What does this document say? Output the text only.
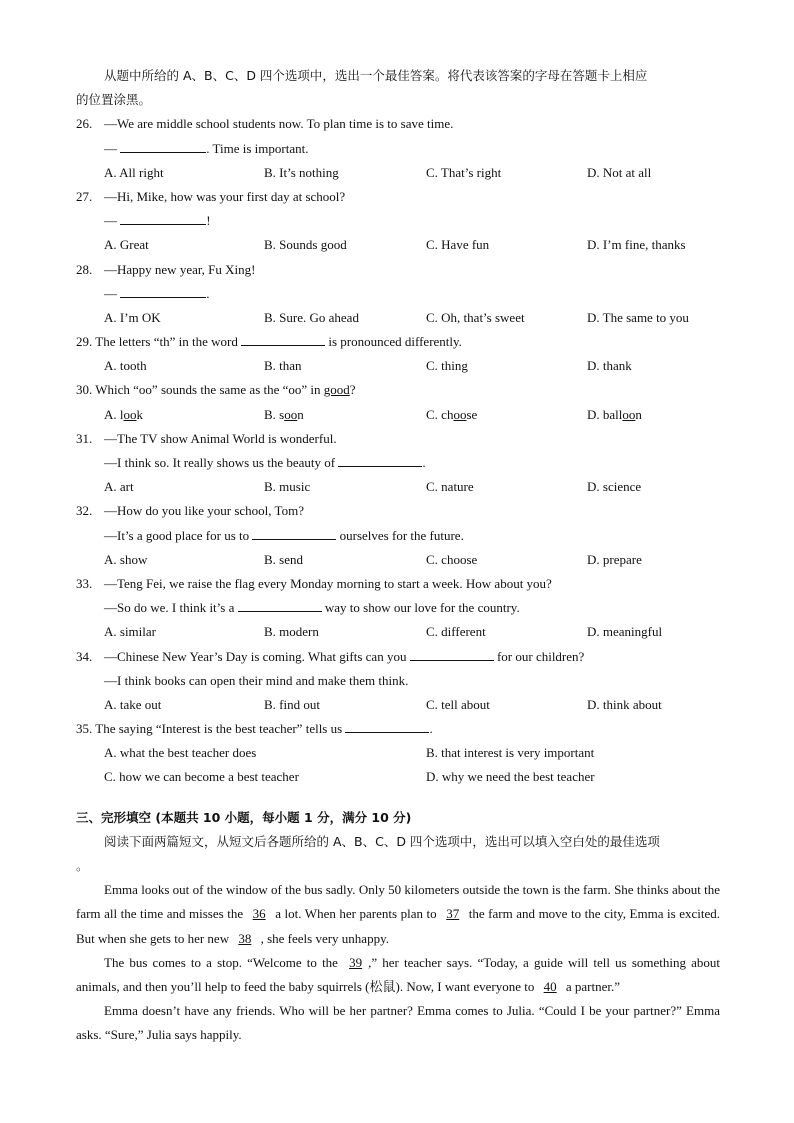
从题中所给的 A、B、C、D 四个选项中，选出一个最佳答案。将代表该答案的字母在答题卡上相应
的位置涂黑。
26. —We are middle school students now. To plan time is to save time.
—	. Time is important.
A. All right	B. It’s nothing	C. That’s right	D. Not at all
27. —Hi, Mike, how was your first day at school?
—	!
A. Great	B. Sounds good	C. Have fun	D. I’m fine, thanks
28. —Happy new year, Fu Xing!
—	.
A. I’m OK	B. Sure. Go ahead	C. Oh, that’s sweet	D. The same to you
29. The letters “th” in the word	is pronounced differently.
A. tooth	B. than	C. thing	D. thank
30. Which “oo” sounds the same as the “oo” in good?
A. look	B. soon	C. choose	D. balloon
31. —The TV show Animal World is wonderful.
—I think so. It really shows us the beauty of	.
A. art	B. music	C. nature	D. science
32. —How do you like your school, Tom?
—It’s a good place for us to	ourselves for the future.
A. show	B. send	C. choose	D. prepare
33. —Teng Fei, we raise the flag every Monday morning to start a week. How about you?
—So do we. I think it’s a	way to show our love for the country.
A. similar	B. modern	C. different	D. meaningful
34. —Chinese New Year’s Day is coming. What gifts can you	for our children?
—I think books can open their mind and make them think.
A. take out	B. find out	C. tell about	D. think about
35. The saying “Interest is the best teacher” tells us	.
A. what the best teacher does	B. that interest is very important
C. how we can become a best teacher	D. why we need the best teacher
三、完形填空 (本题共 10 小题，每小题 1 分，满分 10 分)
阅读下面两篇短文，从短文后各题所给的 A、B、C、D 四个选项中，选出可以填入空白处的最佳选项
。

Emma looks out of the window of the bus sadly. Only 50 kilometers outside the town is the farm. She thinks about the farm all the time and misses the 36 a lot. When her parents plan to 37 the farm and move to the city, Emma is excited. But when she gets to her new 38 , she feels very unhappy.

The bus comes to a stop. “Welcome to the 39 ,” her teacher says. “Today, a guide will tell us something about animals, and then you’ll help to feed the baby squirrels (松鼠). Now, I want everyone to 40 a partner.”

Emma doesn’t have any friends. Who will be her partner? Emma comes to Julia. “Could I be your partner?” Emma asks. “Sure,” Julia says happily.
